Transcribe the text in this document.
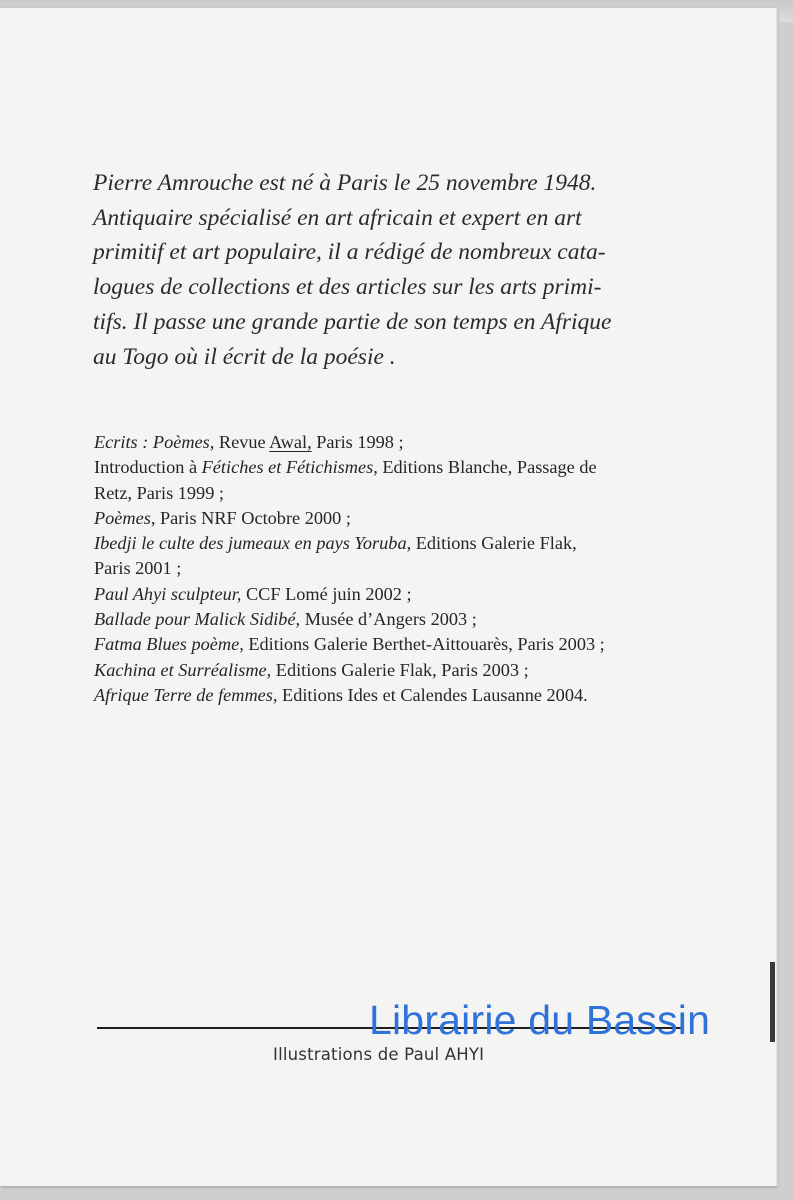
Pierre Amrouche est né à Paris le 25 novembre 1948.
Antiquaire spécialisé en art africain et expert en art
primitif et art populaire, il a rédigé de nombreux cata-
logues de collections et des articles sur les arts primi-
tifs. Il passe une grande partie de son temps en Afrique
au Togo où il écrit de la poésie .
Ecrits : Poèmes, Revue Awal, Paris 1998 ;
Introduction à Fétiches et Fétichismes, Editions Blanche, Passage de
Retz, Paris 1999 ;
Poèmes, Paris NRF Octobre 2000 ;
Ibedji le culte des jumeaux en pays Yoruba, Editions Galerie Flak,
Paris 2001 ;
Paul Ahyi sculpteur, CCF Lomé juin 2002 ;
Ballade pour Malick Sidibé, Musée d’Angers 2003 ;
Fatma Blues poème, Editions Galerie Berthet-Aittouarès, Paris 2003 ;
Kachina et Surréalisme, Editions Galerie Flak, Paris 2003 ;
Afrique Terre de femmes, Editions Ides et Calendes Lausanne 2004.
Librairie du Bassin
Illustrations de Paul AHYI
